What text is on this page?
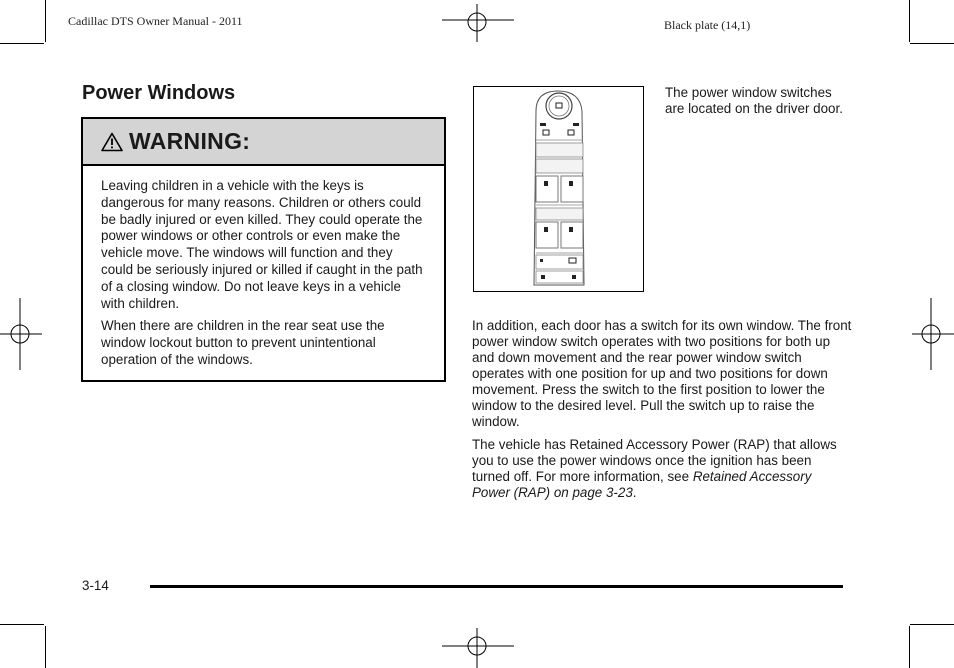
Cadillac DTS Owner Manual - 2011	Black plate (14,1)
Power Windows
WARNING:

Leaving children in a vehicle with the keys is dangerous for many reasons. Children or others could be badly injured or even killed. They could operate the power windows or other controls or even make the vehicle move. The windows will function and they could be seriously injured or killed if caught in the path of a closing window. Do not leave keys in a vehicle with children.

When there are children in the rear seat use the window lockout button to prevent unintentional operation of the windows.

The power window switches are located on the driver door.

In addition, each door has a switch for its own window. The front power window switch operates with two positions for both up and down movement and the rear power window switch operates with one position for up and two positions for down movement. Press the switch to the first position to lower the window to the desired level. Pull the switch up to raise the window.

The vehicle has Retained Accessory Power (RAP) that allows you to use the power windows once the ignition has been turned off. For more information, see Retained Accessory Power (RAP) on page 3-23.

3-14
